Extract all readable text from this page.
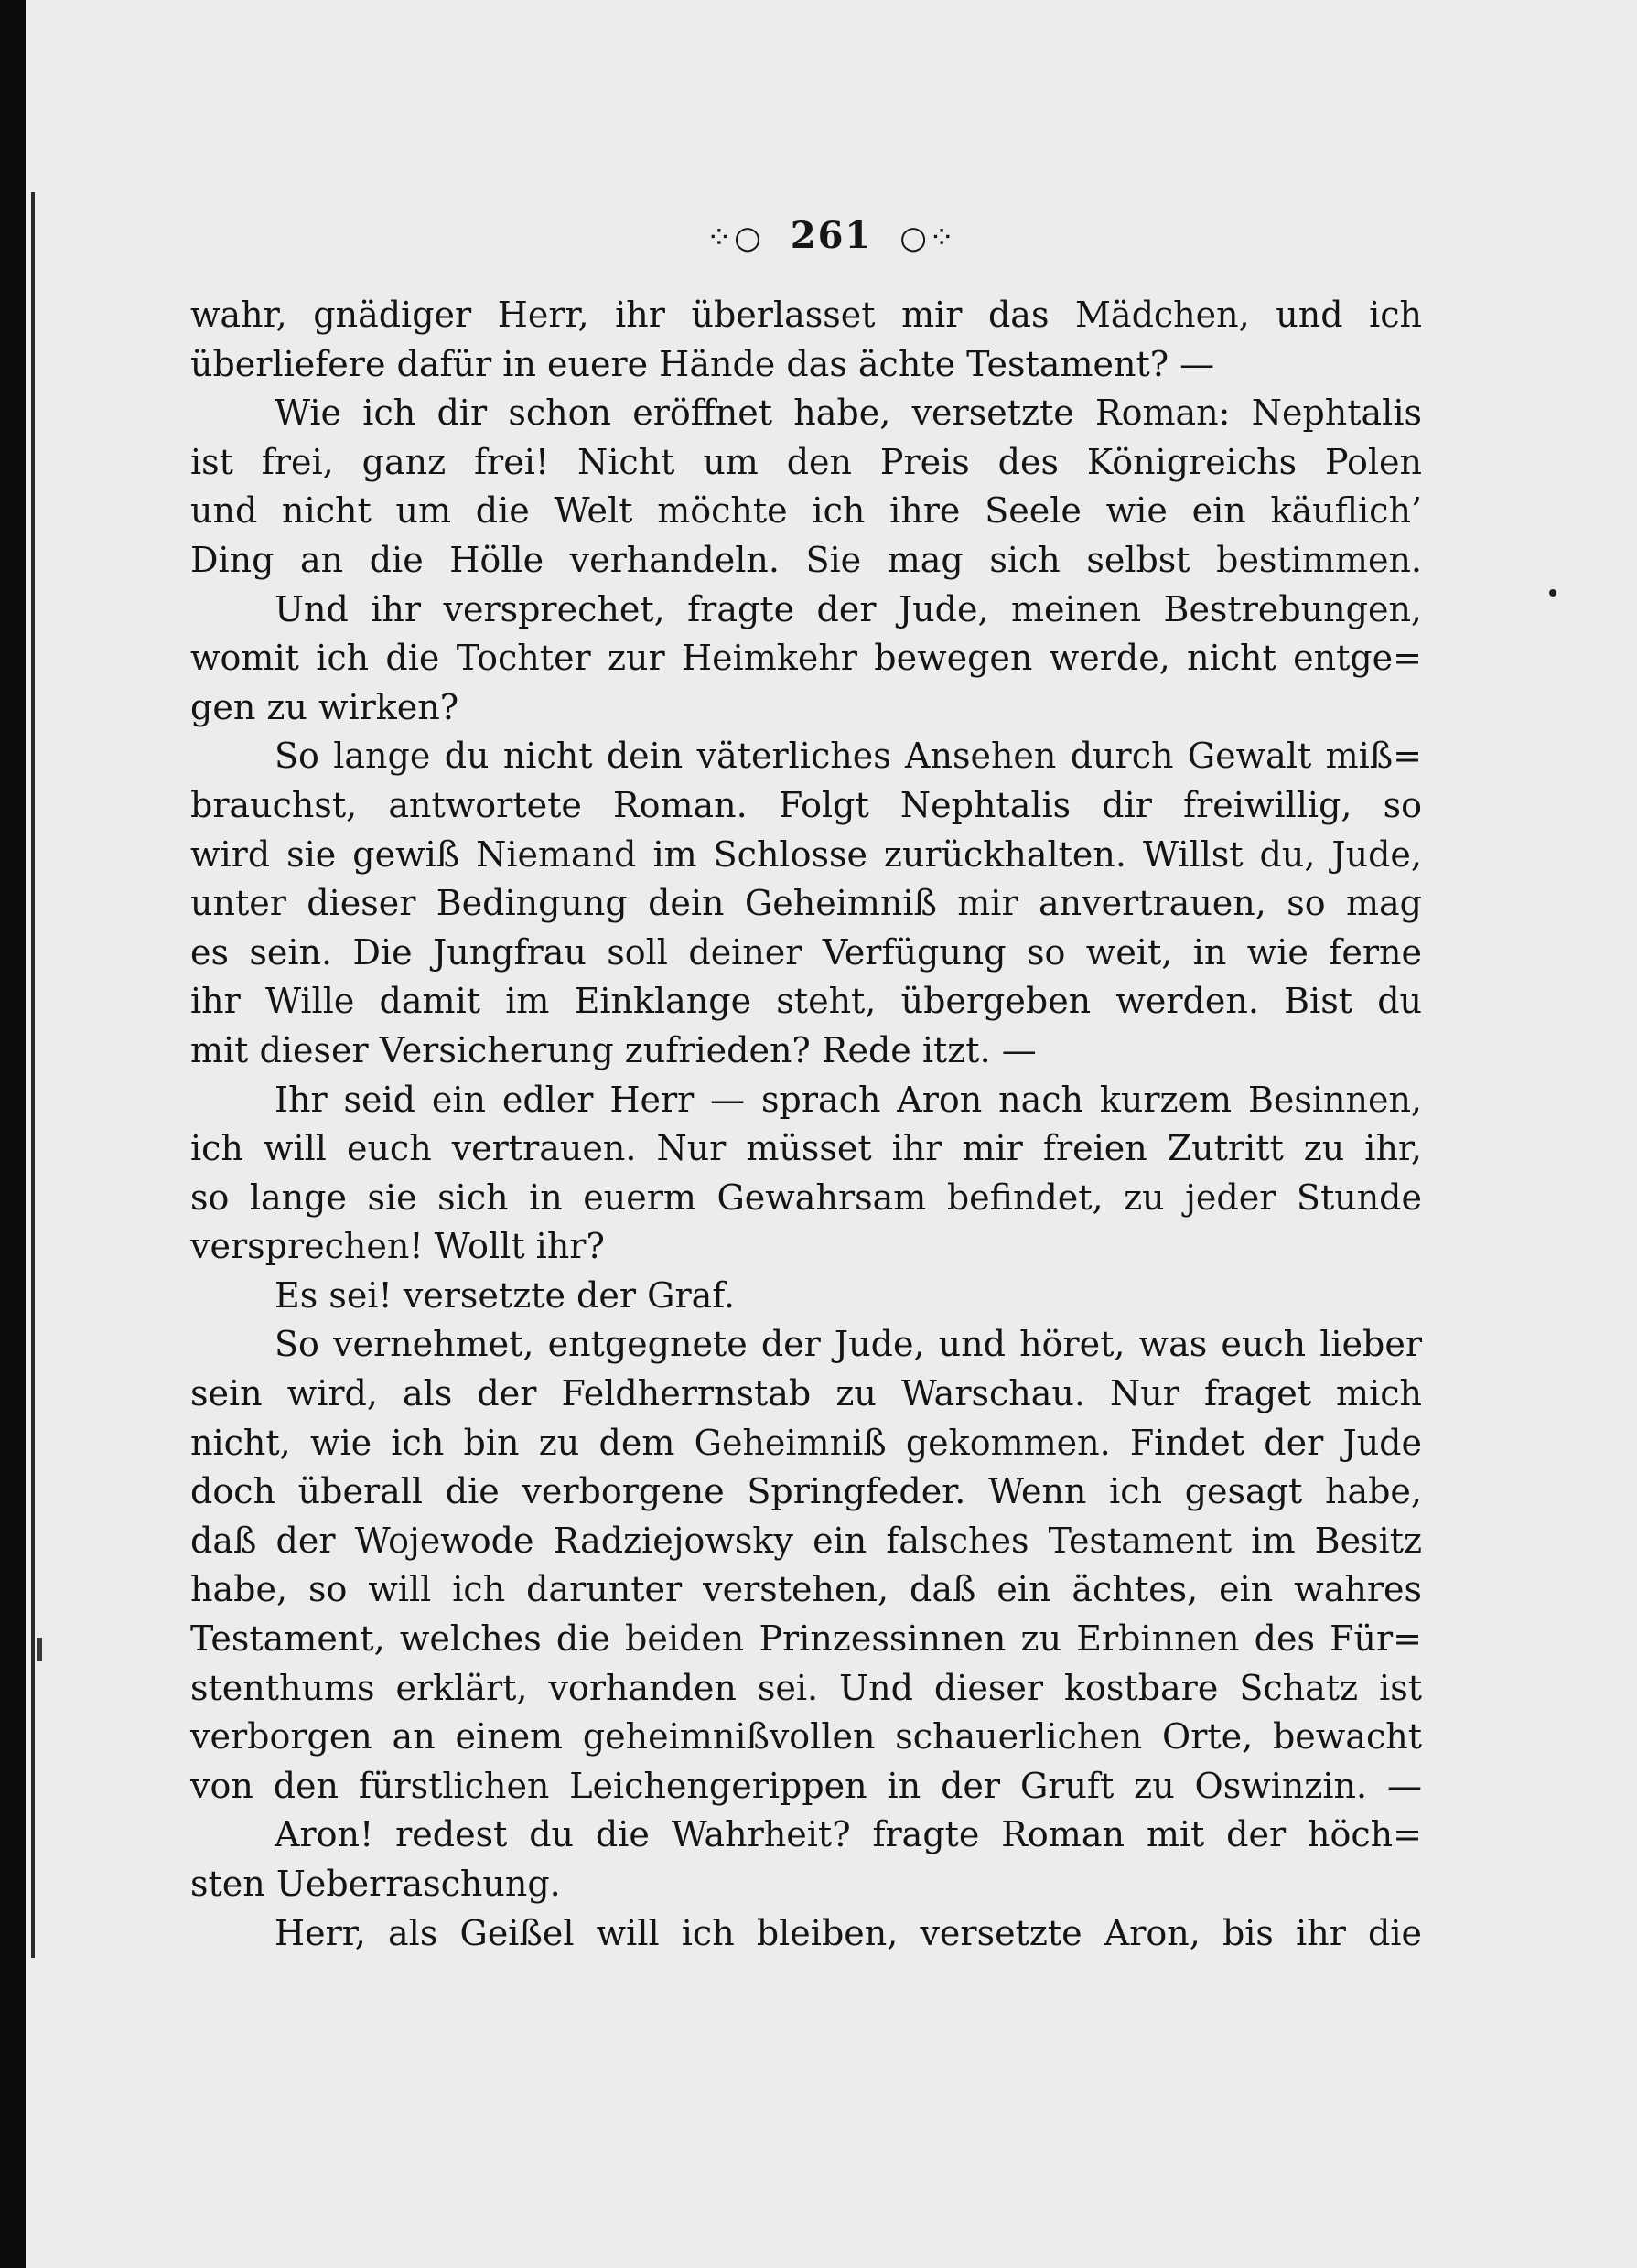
⁘○ 261 ○⁘
wahr, gnädiger Herr, ihr überlasset mir das Mädchen, und ich
überliefere dafür in euere Hände das ächte Testament? —
Wie ich dir schon eröffnet habe, versetzte Roman: Nephtalis
ist frei, ganz frei! Nicht um den Preis des Königreichs Polen
und nicht um die Welt möchte ich ihre Seele wie ein käuflich’
Ding an die Hölle verhandeln. Sie mag sich selbst bestimmen.
Und ihr versprechet, fragte der Jude, meinen Bestrebungen,
womit ich die Tochter zur Heimkehr bewegen werde, nicht entge=
gen zu wirken?
So lange du nicht dein väterliches Ansehen durch Gewalt miß=
brauchst, antwortete Roman. Folgt Nephtalis dir freiwillig, so
wird sie gewiß Niemand im Schlosse zurückhalten. Willst du, Jude,
unter dieser Bedingung dein Geheimniß mir anvertrauen, so mag
es sein. Die Jungfrau soll deiner Verfügung so weit, in wie ferne
ihr Wille damit im Einklange steht, übergeben werden. Bist du
mit dieser Versicherung zufrieden? Rede itzt. —
Ihr seid ein edler Herr — sprach Aron nach kurzem Besinnen,
ich will euch vertrauen. Nur müsset ihr mir freien Zutritt zu ihr,
so lange sie sich in euerm Gewahrsam befindet, zu jeder Stunde
versprechen! Wollt ihr?
Es sei! versetzte der Graf.
So vernehmet, entgegnete der Jude, und höret, was euch lieber
sein wird, als der Feldherrnstab zu Warschau. Nur fraget mich
nicht, wie ich bin zu dem Geheimniß gekommen. Findet der Jude
doch überall die verborgene Springfeder. Wenn ich gesagt habe,
daß der Wojewode Radziejowsky ein falsches Testament im Besitz
habe, so will ich darunter verstehen, daß ein ächtes, ein wahres
Testament, welches die beiden Prinzessinnen zu Erbinnen des Für=
stenthums erklärt, vorhanden sei. Und dieser kostbare Schatz ist
verborgen an einem geheimnißvollen schauerlichen Orte, bewacht
von den fürstlichen Leichengerippen in der Gruft zu Oswinzin. —
Aron! redest du die Wahrheit? fragte Roman mit der höch=
sten Ueberraschung.
Herr, als Geißel will ich bleiben, versetzte Aron, bis ihr die
